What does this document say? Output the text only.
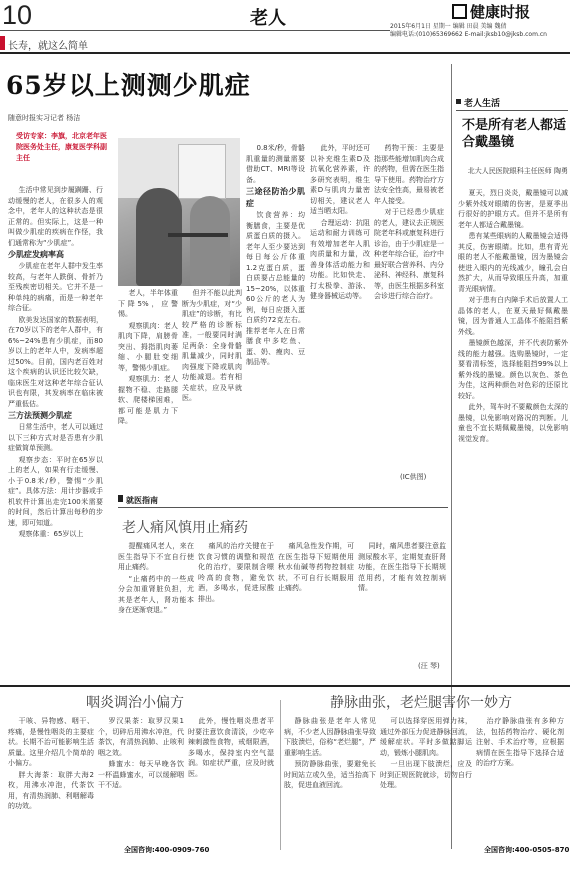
10	老人	健康时报
2015年6月1日 星期一 编辑 田晨 美编 魏倩
编辑电话:(010)65369662 E-mail:jksb10@jksb.com.cn
长寿，就这么简单
65岁以上测测少肌症
随意时报实习记者 杨洁
受访专家：李旗，北京老年医院医务处主任，康复医学科副主任

生活中常见到步履蹒跚、行动缓慢的老人，在很多人的观念中，老年人的这种状态是很正常的。但实际上，这是一种叫做少肌症的疾病在作怪，我们通常称为“少肌症”。

少肌症发病率高

少肌症在老年人群中发生率较高，与老年人跌倒、骨折乃至残疾密切相关。它并不是一种单纯的病痛，而是一种老年综合征。

欧美发达国家的数据表明，在70岁以下的老年人群中，有6%~24%患有少肌症，而80岁以上的老年人中，发病率超过50%。目前，国内老百姓对这个疾病的认识还比较欠缺，临床医生对这种老年综合征认识也有限，其发病率在临床被严重低估。

三方法预测少肌症

日常生活中，老人可以通过以下三种方式对是否患有少肌症做简单预测。

观察步态：平时在65岁以上的老人，如果有行走缓慢、小于0.8米/秒，警惕“少肌症”。具体方法：用计步器或手机软件计算出走完100米需要的时间，然后计算出每秒的步速，即可知道。

观察体重：65岁以上

老人，半年体重下降5%，应警惕。

观察肌肉：老人肌肉下降，肩膀骨突出、拇指肌肉萎缩、小腿肚变细等，警惕少肌症。

观察肌力：老人握物不稳、走路腿软、爬楼梯困难，都可能是肌力下降。

但并不能以此判断为少肌症，对“少肌症”的诊断，有比较严格的诊断标准，一般要同时满足两条：全身骨骼肌量减少，同时肌肉强度下降或肌肉功能减退。若有相关症状，应及早就医。

0.8米/秒，骨骼肌重量的测量需要借助CT、MRI等设备。

三途径防治少肌症

饮食营养：均衡膳食，主要是优质蛋白质的摄入。老年人至少要达到每日每公斤体重1.2克蛋白质，蛋白质要占总能量的15~20%，以体重60公斤的老人为例，每日应摄入蛋白质约72克左右。推荐老年人在日常膳食中多吃鱼、蛋、奶、瘦肉、豆制品等。

此外，平时还可以补充维生素D及抗氧化营养素，许多研究表明，维生素D与肌肉力量密切相关，建议老人适当晒太阳。

合理运动：抗阻运动和耐力训练可有效增加老年人肌肉质量和力量，改善身体活动能力和功能。比如快走、打太极拳、游泳、健身器械运动等。

药物干预：主要是指那些能增加肌肉合成的药物，但需在医生指导下使用。药物治疗方法安全性高，最易被老年人接受。

对于已经患少肌症的老人，建议去正规医院老年科或康复科进行诊治，由于少肌症是一种老年综合征，治疗中最好联合营养科、内分泌科、神经科、康复科等，由医生根据多科室会诊进行综合治疗。

(IC供图)
老人生活
不是所有老人都适合戴墨镜
北大人民医院眼科主任医师 陶勇

夏天，烈日炎炎，戴墨镜可以减少紫外线对眼睛的伤害，是夏季出行很好的护眼方式。但并不是所有老年人都适合戴墨镜。

患有某些眼病的人戴墨镜会适得其反，伤害眼睛。比如，患有青光眼的老人不能戴墨镜，因为墨镜会使进入眼内的光线减少，瞳孔会自然扩大，从而导致眼压升高，加重青光眼病情。

对于患有白内障手术后放置人工晶体的老人，在夏天最好佩戴墨镜，因为普通人工晶体不能阻挡紫外线。

墨镜颜色越深，并不代表防紫外线的能力越强。选购墨镜时，一定要看清标签，选择能阻挡99%以上紫外线的墨镜。颜色以灰色、茶色为佳，这两种颜色对色彩的还原比较好。

此外，驾车时不要戴颜色太深的墨镜，以免影响对路况的判断。儿童也不宜长期佩戴墨镜，以免影响视觉发育。

就医指南
老人痛风慎用止痛药

提醒痛风老人，来在医生指导下不宜自行使用止痛药。

“止痛药中的一些成分会加重肾脏负担，尤其是老年人，肾功能本身在逐渐衰退。”

痛风的治疗关键在于饮食习惯的调整和规范化的治疗，要限制含嘌呤高的食物，避免饮酒，多喝水，促进尿酸排出。

痛风急性发作期，可在医生指导下短期使用秋水仙碱等药物控制症状，不可自行长期服用止痛药。

同时，痛风患者要注意监测尿酸水平，定期复查肝肾功能，在医生指导下长期规范用药，才能有效控制病情。

(汪 琴)
咽炎调治小偏方	静脉曲张，老烂腿害你一妙方

干咳、异物感、咽干、疼痛，是慢性咽炎的主要症状。长期不治可能影响生活质量。这里介绍几个简单的小偏方。

胖大海茶：取胖大海2枚，用沸水冲泡，代茶饮用，有清热润肺、利咽解毒的功效。

罗汉果茶：取罗汉果1个，切碎后用沸水冲泡，代茶饮，有清热润肺、止咳利咽之效。

蜂蜜水：每天早晚各饮一杯温蜂蜜水，可以缓解咽干不适。

此外，慢性咽炎患者平时要注意饮食清淡，少吃辛辣刺激性食物，戒烟限酒，多喝水，保持室内空气湿润。如症状严重，应及时就医。

全国咨询:400-0909-760

静脉曲张是老年人常见病，不少老人因静脉曲张导致下肢溃烂，俗称“老烂腿”，严重影响生活。

预防静脉曲张，要避免长时间站立或久坐，适当抬高下肢，促进血液回流。

可以选择穿医用弹力袜，通过外部压力促进静脉回流，缓解症状。平时多做踮脚运动，锻炼小腿肌肉。

一旦出现下肢溃烂，应及时到正规医院就诊，切勿自行处理。

治疗静脉曲张有多种方法，包括药物治疗、硬化剂注射、手术治疗等，应根据病情在医生指导下选择合适的治疗方案。

全国咨询:400-0505-870
